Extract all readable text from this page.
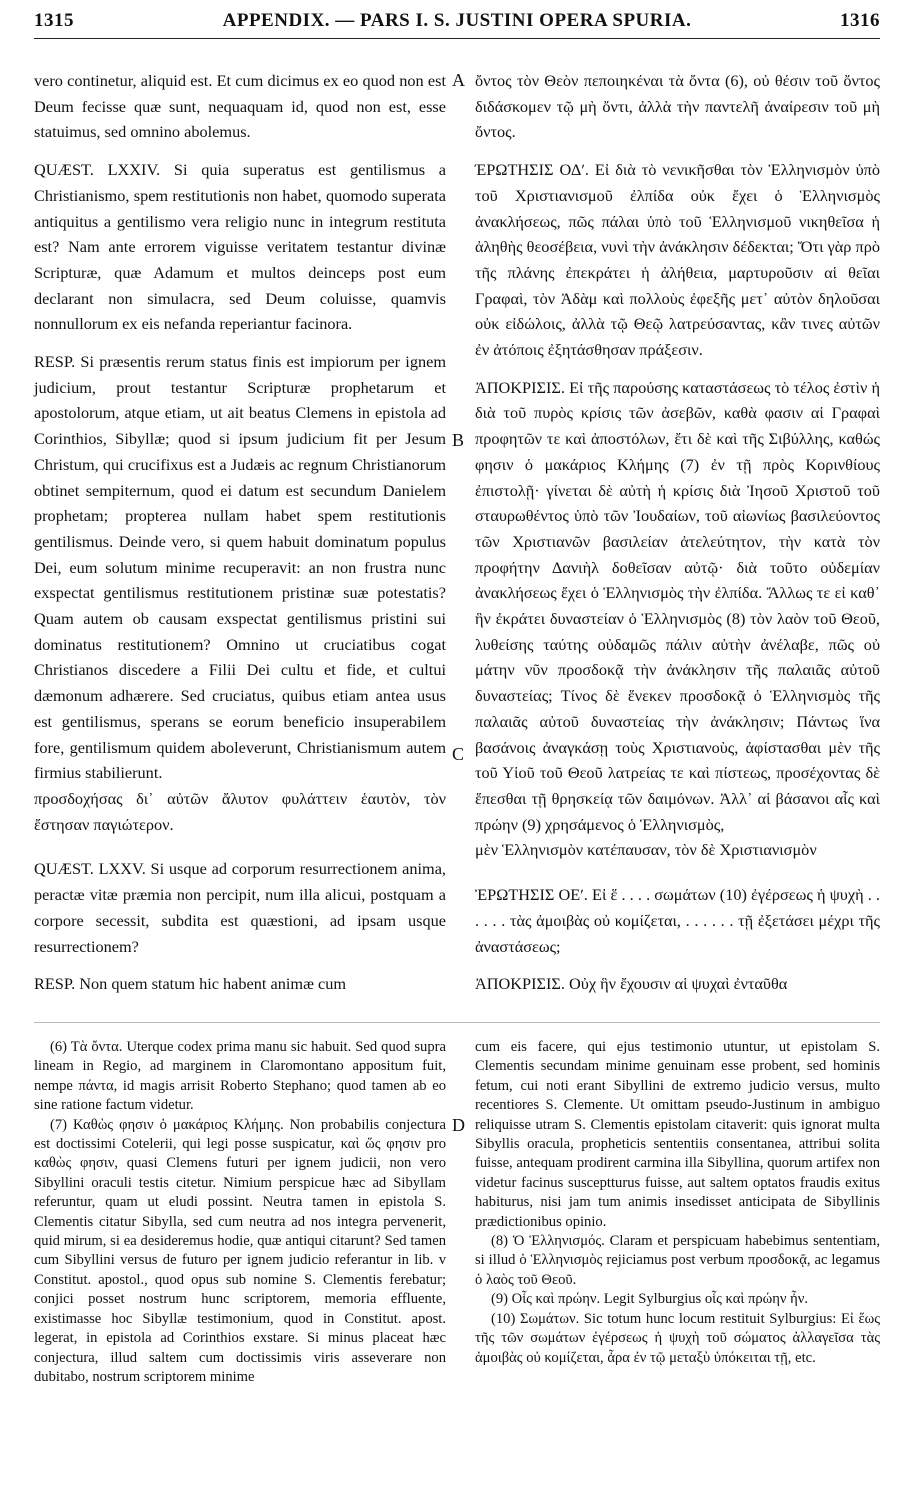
1315	APPENDIX. — PARS I. S. JUSTINI OPERA SPURIA.	1316
A
B
C
D

vero continetur, aliquid est. Et cum dicimus ex eo quod non est Deum fecisse quæ sunt, nequaquam id, quod non est, esse statuimus, sed omnino abolemus.

QUÆST. LXXIV. Si quia superatus est gentilismus a Christianismo, spem restitutionis non habet, quomodo superata antiquitus a gentilismo vera religio nunc in integrum restituta est? Nam ante errorem viguisse veritatem testantur divinæ Scripturæ, quæ Adamum et multos deinceps post eum declarant non simulacra, sed Deum coluisse, quamvis nonnullorum ex eis nefanda reperiantur facinora.

RESP. Si præsentis rerum status finis est impiorum per ignem judicium, prout testantur Scripturæ prophetarum et apostolorum, atque etiam, ut ait beatus Clemens in epistola ad Corinthios, Sibyllæ; quod si ipsum judicium fit per Jesum Christum, qui crucifixus est a Judæis ac regnum Christianorum obtinet sempiternum, quod ei datum est secundum Danielem prophetam; propterea nullam habet spem restitutionis gentilismus. Deinde vero, si quem habuit dominatum populus Dei, eum solutum minime recuperavit: an non frustra nunc exspectat gentilismus restitutionem pristinæ suæ potestatis? Quam autem ob causam exspectat gentilismus pristini sui dominatus restitutionem? Omnino ut cruciatibus cogat Christianos discedere a Filii Dei cultu et fide, et cultui dæmonum adhærere. Sed cruciatus, quibus etiam antea usus est gentilismus, sperans se eorum beneficio insuperabilem fore, gentilismum quidem aboleverunt, Christianismum autem firmius stabilierunt.

προσδοχήσας δι᾽ αὐτῶν ἄλυτον φυλάττειν ἑαυτὸν, τὸν ἔστησαν παγιώτερον.

QUÆST. LXXV. Si usque ad corporum resurrectionem anima, peractæ vitæ præmia non percipit, num illa alicui, postquam a corpore secessit, subdita est quæstioni, ad ipsam usque resurrectionem?

RESP. Non quem statum hic habent animæ cum

ὄντος τὸν Θεὸν πεποιηκέναι τὰ ὄντα (6), οὐ θέσιν τοῦ ὄντος διδάσκομεν τῷ μὴ ὄντι, ἀλλὰ τὴν παντελῆ ἀναίρεσιν τοῦ μὴ ὄντος.

ΈΡΩΤΗΣΙΣ ΟΔʹ. Εἰ διὰ τὸ νενικῆσθαι τὸν Ἑλληνισμὸν ὑπὸ τοῦ Χριστιανισμοῦ ἐλπίδα οὐκ ἔχει ὁ Ἑλληνισμὸς ἀνακλήσεως, πῶς πάλαι ὑπὸ τοῦ Ἑλληνισμοῦ νικηθεῖσα ἡ ἀληθὴς θεοσέβεια, νυνὶ τὴν ἀνάκλησιν δέδεκται; Ὅτι γὰρ πρὸ τῆς πλάνης ἐπεκράτει ἡ ἀλήθεια, μαρτυροῦσιν αἱ θεῖαι Γραφαὶ, τὸν Ἀδὰμ καὶ πολλοὺς ἐφεξῆς μετ᾽ αὐτὸν δηλοῦσαι οὐκ εἰδώλοις, ἀλλὰ τῷ Θεῷ λατρεύσαντας, κἂν τινες αὐτῶν ἐν ἀτόποις ἐξητάσθησαν πράξεσιν.

ἈΠΟΚΡΙΣΙΣ. Εἰ τῆς παρούσης καταστάσεως τὸ τέλος ἐστὶν ἡ διὰ τοῦ πυρὸς κρίσις τῶν ἀσεβῶν, καθὰ φασιν αἱ Γραφαὶ προφητῶν τε καὶ ἀποστόλων, ἔτι δὲ καὶ τῆς Σιβύλλης, καθώς φησιν ὁ μακάριος Κλήμης (7) ἐν τῇ πρὸς Κορινθίους ἐπιστολῇ· γίνεται δὲ αὐτὴ ἡ κρίσις διὰ Ἰησοῦ Χριστοῦ τοῦ σταυρωθέντος ὑπὸ τῶν Ἰουδαίων, τοῦ αἰωνίως βασιλεύοντος τῶν Χριστιανῶν βασιλείαν ἀτελεύτητον, τὴν κατὰ τὸν προφήτην Δανιὴλ δοθεῖσαν αὐτῷ· διὰ τοῦτο οὐδεμίαν ἀνακλήσεως ἔχει ὁ Ἑλληνισμὸς τὴν ἐλπίδα. Ἄλλως τε εἰ καθ᾽ ἣν ἐκράτει δυναστείαν ὁ Ἑλληνισμὸς (8) τὸν λαὸν τοῦ Θεοῦ, λυθείσης ταύτης οὐδαμῶς πάλιν αὐτὴν ἀνέλαβε, πῶς οὐ μάτην νῦν προσδοκᾷ τὴν ἀνάκλησιν τῆς παλαιᾶς αὐτοῦ δυναστείας; Τίνος δὲ ἕνεκεν προσδοκᾷ ὁ Ἑλληνισμὸς τῆς παλαιᾶς αὐτοῦ δυναστείας τὴν ἀνάκλησιν; Πάντως ἵνα βασάνοις ἀναγκάσῃ τοὺς Χριστιανοὺς, ἀφίστασθαι μὲν τῆς τοῦ Υἱοῦ τοῦ Θεοῦ λατρείας τε καὶ πίστεως, προσέχοντας δὲ ἕπεσθαι τῇ θρησκείᾳ τῶν δαιμόνων. Ἀλλ᾽ αἱ βάσανοι αἷς καὶ πρώην (9) χρησάμενος ὁ Ἑλληνισμὸς,

μὲν Ἑλληνισμὸν κατέπαυσαν, τὸν δὲ Χριστιανισμὸν

ἘΡΩΤΗΣΙΣ ΟΕʹ. Εἰ ἕ . . . . σωμάτων (10) ἐγέρσεως ἡ ψυχὴ . . . . . . τὰς ἀμοιβὰς οὐ κομίζεται, . . . . . . τῇ ἐξετάσει μέχρι τῆς ἀναστάσεως;

ἈΠΟΚΡΙΣΙΣ. Οὐχ ἣν ἔχουσιν αἱ ψυχαὶ ἐνταῦθα

(6) Τὰ ὄντα. Uterque codex prima manu sic habuit. Sed quod supra lineam in Regio, ad marginem in Claromontano appositum fuit, nempe πάντα, id magis arrisit Roberto Stephano; quod tamen ab eo sine ratione factum videtur.

(7) Καθὼς φησιν ὁ μακάριος Κλήμης. Non probabilis conjectura est doctissimi Cotelerii, qui legi posse suspicatur, καὶ ὥς φησιν pro καθὼς φησιν, quasi Clemens futuri per ignem judicii, non vero Sibyllini oraculi testis citetur. Nimium perspicue hæc ad Sibyllam referuntur, quam ut eludi possint. Neutra tamen in epistola S. Clementis citatur Sibylla, sed cum neutra ad nos integra pervenerit, quid mirum, si ea desideremus hodie, quæ antiqui citarunt? Sed tamen cum Sibyllini versus de futuro per ignem judicio referantur in lib. v Constitut. apostol., quod opus sub nomine S. Clementis ferebatur; conjici posset nostrum hunc scriptorem, memoria effluente, existimasse hoc Sibyllæ testimonium, quod in Constitut. apost. legerat, in epistola ad Corinthios exstare. Si minus placeat hæc conjectura, illud saltem cum doctissimis viris asseverare non dubitabo, nostrum scriptorem minime

cum eis facere, qui ejus testimonio utuntur, ut epistolam S. Clementis secundam minime genuinam esse probent, sed hominis fetum, cui noti erant Sibyllini de extremo judicio versus, multo recentiores S. Clemente. Ut omittam pseudo-Justinum in ambiguo reliquisse utram S. Clementis epistolam citaverit: quis ignorat multa Sibyllis oracula, propheticis sententiis consentanea, attribui solita fuisse, antequam prodirent carmina illa Sibyllina, quorum artifex non videtur facinus susceptturus fuisse, aut saltem optatos fraudis exitus habiturus, nisi jam tum animis insedisset anticipata de Sibyllinis prædictionibus opinio.

(8) Ὁ Ἑλληνισμός. Claram et perspicuam habebimus sententiam, si illud ὁ Ἑλληνισμὸς rejiciamus post verbum προσδοκᾷ, ac legamus ὁ λαὸς τοῦ Θεοῦ.

(9) Οἷς καὶ πρώην. Legit Sylburgius οἷς καὶ πρώην ἦν.

(10) Σωμάτων. Sic totum hunc locum restituit Sylburgius: Εἰ ἕως τῆς τῶν σωμάτων ἐγέρσεως ἡ ψυχὴ τοῦ σώματος ἀλλαγεῖσα τὰς ἀμοιβὰς οὐ κομίζεται, ἆρα ἐν τῷ μεταξὺ ὑπόκειται τῇ, etc.
